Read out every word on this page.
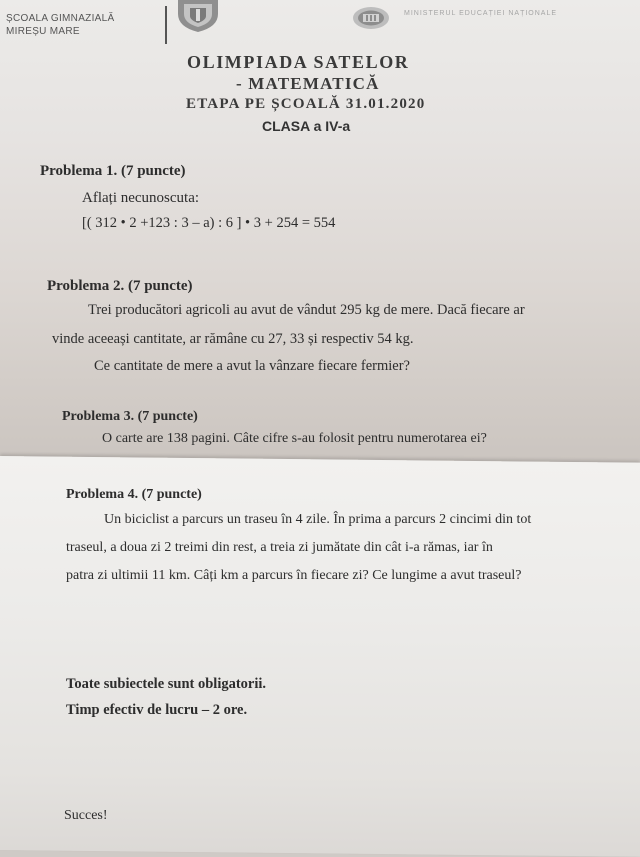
ȘCOALA GIMNAZIALĂ
MIREȘU MARE
MINISTERUL EDUCAȚIEI NAȚIONALE
OLIMPIADA SATELOR
- MATEMATICĂ
ETAPA PE ȘCOALĂ 31.01.2020
CLASA a IV-a
Problema 1. (7 puncte)
Aflați necunoscuta:
[( 312 • 2 +123 : 3 – a) : 6 ] • 3 + 254 = 554
Problema 2. (7 puncte)
Trei producători agricoli au avut de vândut 295 kg de mere. Dacă fiecare ar
vinde aceeași cantitate, ar rămâne cu 27, 33 și respectiv 54 kg.
Ce cantitate de mere a avut la vânzare fiecare fermier?
Problema 3. (7 puncte)
O carte are 138 pagini. Câte cifre s-au folosit pentru numerotarea ei?
Problema 4. (7 puncte)
Un biciclist a parcurs un traseu în 4 zile. În prima a parcurs 2 cincimi din tot
traseul, a doua zi 2 treimi din rest, a treia zi jumătate din cât i-a rămas, iar în
patra zi ultimii 11 km. Câți km a parcurs în fiecare zi? Ce lungime a avut traseul?
Toate subiectele sunt obligatorii.
Timp efectiv de lucru – 2 ore.
Succes!
